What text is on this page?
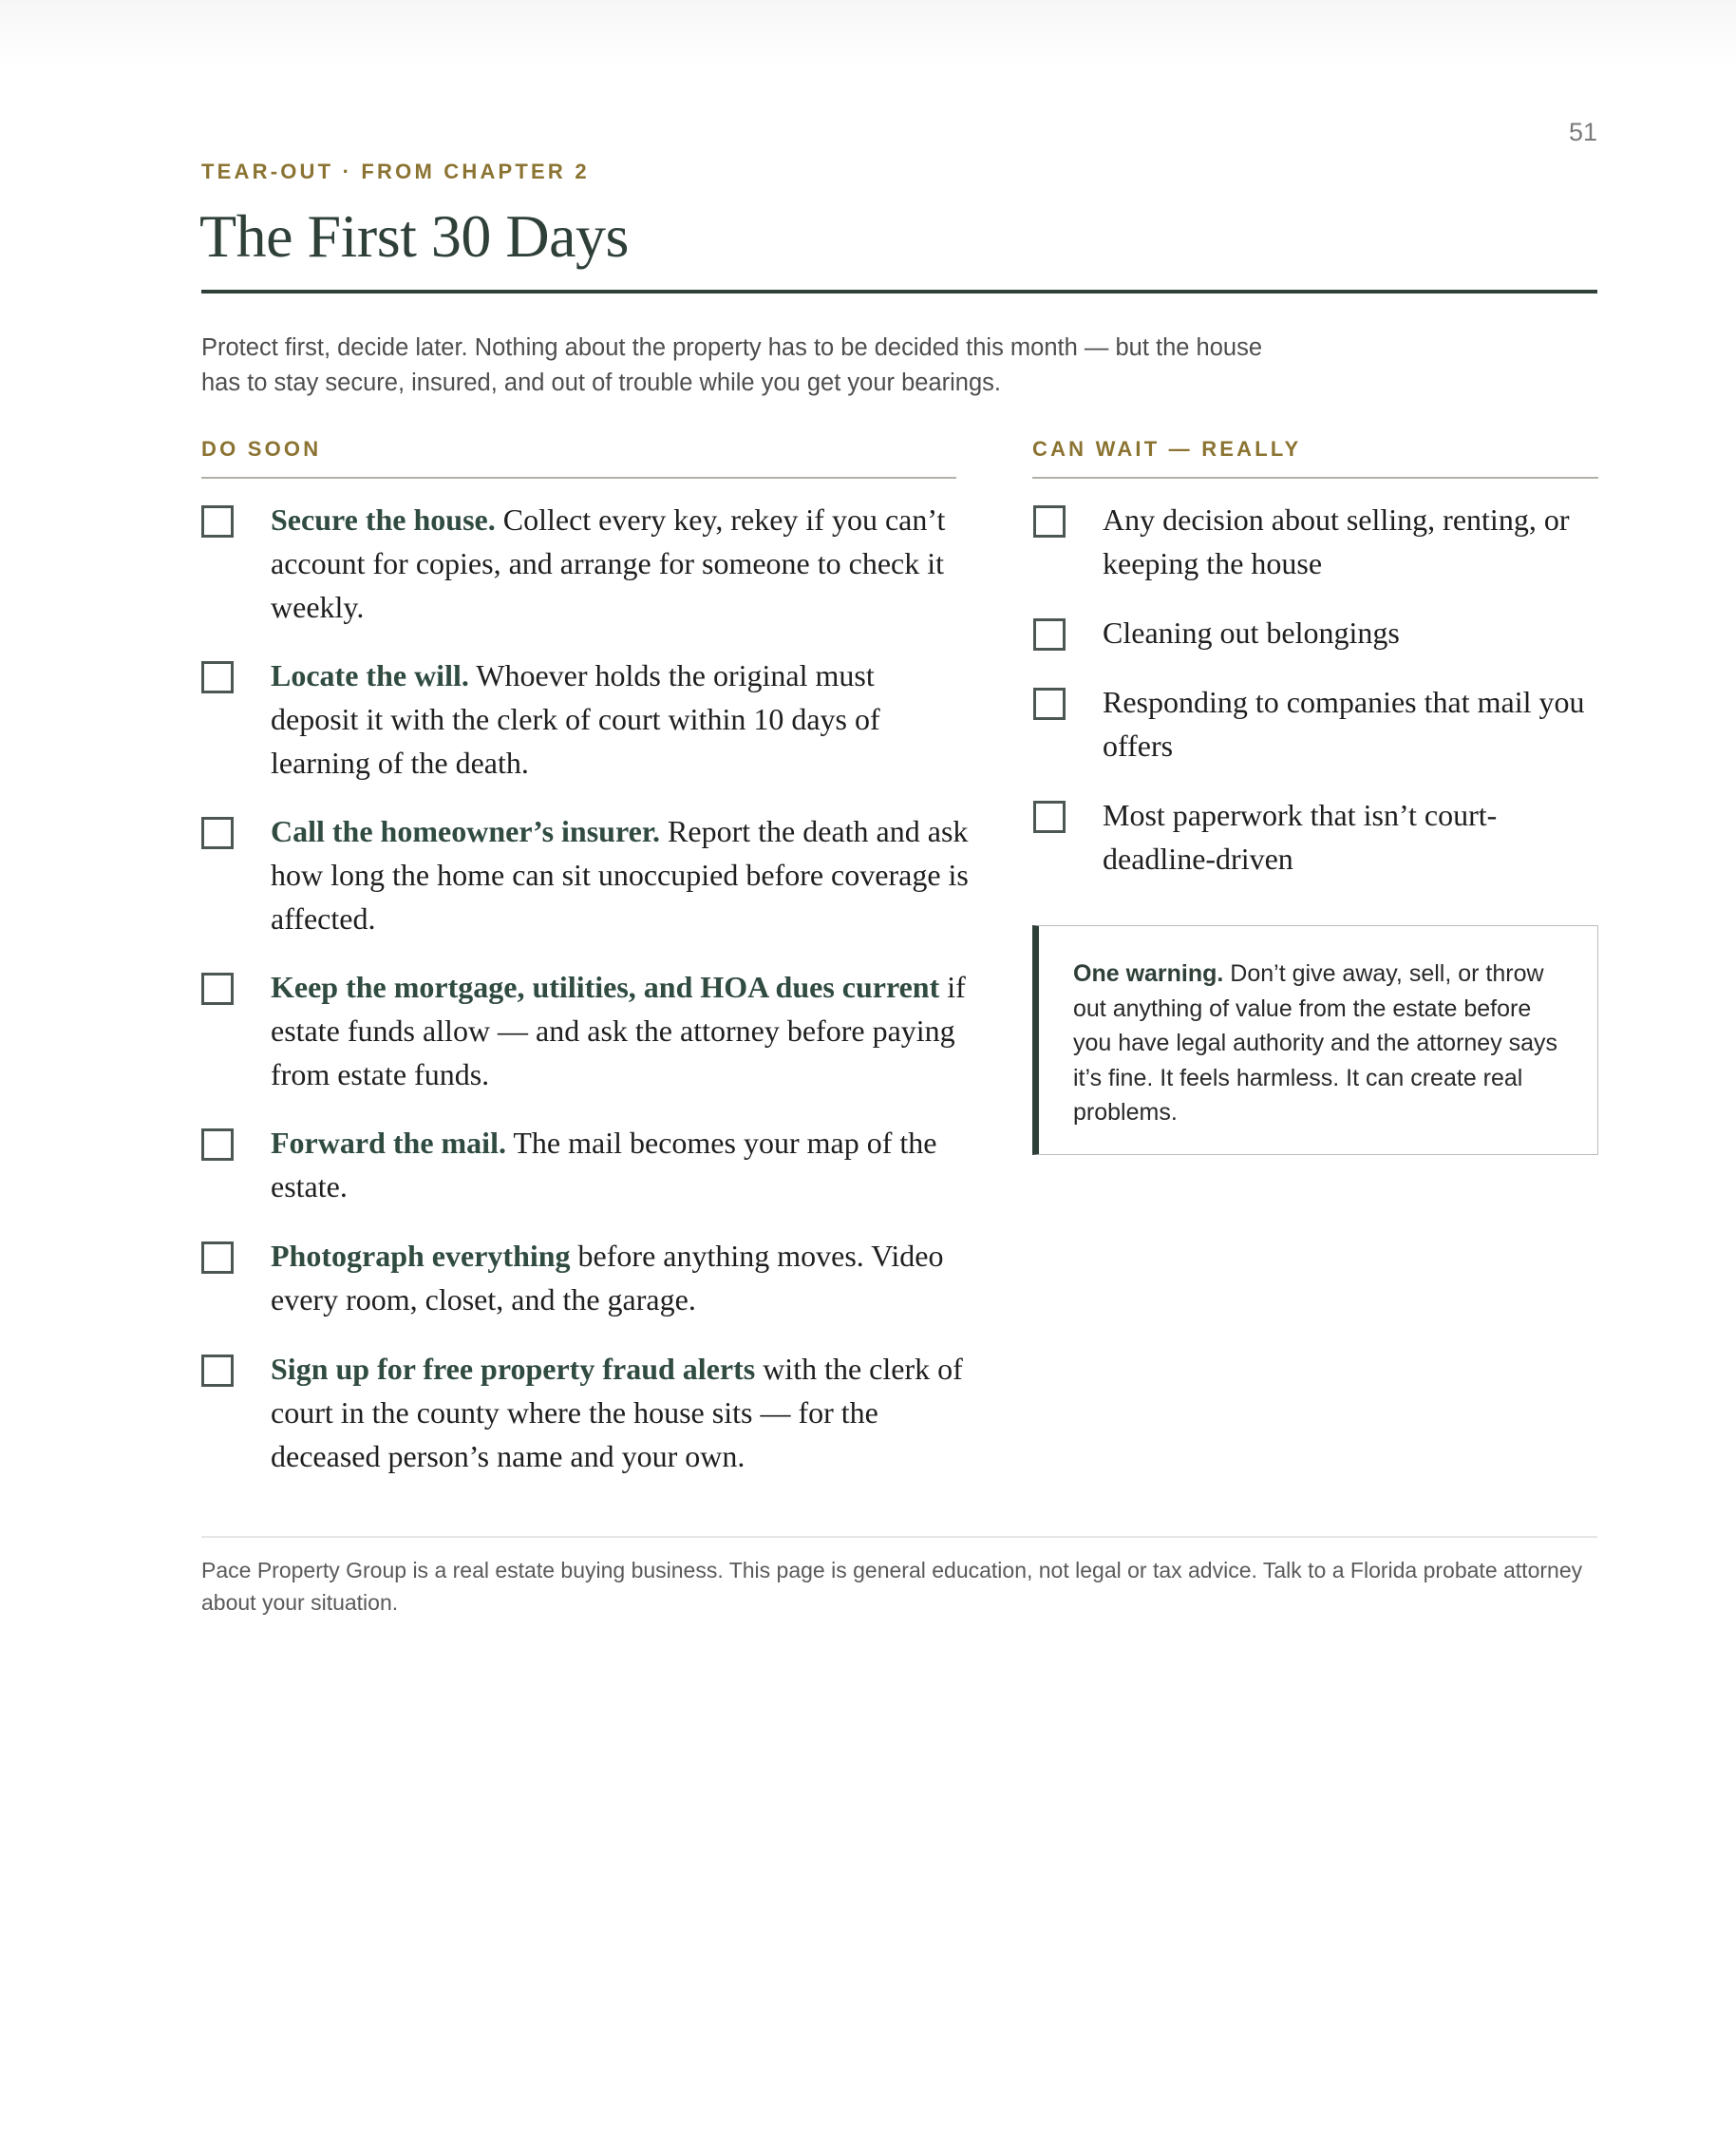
51
TEAR-OUT · FROM CHAPTER 2
The First 30 Days
Protect first, decide later. Nothing about the property has to be decided this month — but the house has to stay secure, insured, and out of trouble while you get your bearings.
DO SOON
Secure the house. Collect every key, rekey if you can’t account for copies, and arrange for someone to check it weekly.
Locate the will. Whoever holds the original must deposit it with the clerk of court within 10 days of learning of the death.
Call the homeowner’s insurer. Report the death and ask how long the home can sit unoccupied before coverage is affected.
Keep the mortgage, utilities, and HOA dues current if estate funds allow — and ask the attorney before paying from estate funds.
Forward the mail. The mail becomes your map of the estate.
Photograph everything before anything moves. Video every room, closet, and the garage.
Sign up for free property fraud alerts with the clerk of court in the county where the house sits — for the deceased person’s name and your own.
CAN WAIT — REALLY
Any decision about selling, renting, or keeping the house
Cleaning out belongings
Responding to companies that mail you offers
Most paperwork that isn’t court-deadline-driven
One warning. Don’t give away, sell, or throw out anything of value from the estate before you have legal authority and the attorney says it’s fine. It feels harmless. It can create real problems.
Pace Property Group is a real estate buying business. This page is general education, not legal or tax advice. Talk to a Florida probate attorney about your situation.
